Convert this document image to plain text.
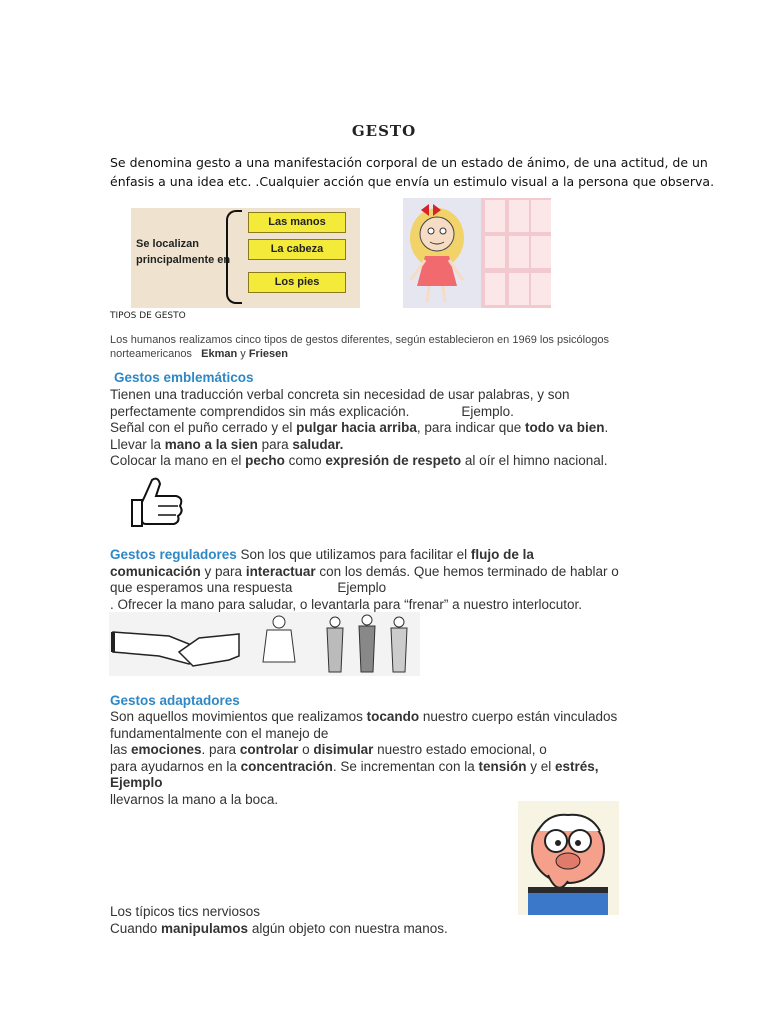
GESTO

Se denomina gesto a una manifestación corporal de un estado de ánimo, de una actitud, de un

énfasis a una idea etc. .Cualquier acción que envía un estimulo visual a la persona que observa.

Se localizan
principalmente en
Las manos
La cabeza
Los pies
TIPOS DE GESTO

Los humanos realizamos cinco tipos de gestos diferentes, según establecieron en 1969 los psicólogos

norteamericanos   Ekman y Friesen

Gestos emblemáticos

Tienen una traducción verbal concreta sin necesidad de usar palabras, y son

perfectamente comprendidos sin más explicación.	Ejemplo.

Señal con el puño cerrado y el pulgar hacia arriba, para indicar que todo va bien.

Llevar la mano a la sien para saludar.

Colocar la mano en el pecho como expresión de respeto al oír el himno nacional.

Gestos reguladores Son los que utilizamos para facilitar el flujo de la

comunicación y para interactuar con los demás. Que hemos terminado de hablar o

que esperamos una respuesta	Ejemplo

. Ofrecer la mano para saludar, o levantarla para “frenar” a nuestro interlocutor.

Gestos adaptadores

Son aquellos movimientos que realizamos tocando nuestro cuerpo están vinculados

fundamentalmente con el manejo de

las emociones. para controlar o disimular nuestro estado emocional, o

para ayudarnos en la concentración. Se incrementan con la tensión y el estrés,

Ejemplo

llevarnos la mano a la boca.

Los típicos tics nerviosos

Cuando manipulamos algún objeto con nuestra manos.
